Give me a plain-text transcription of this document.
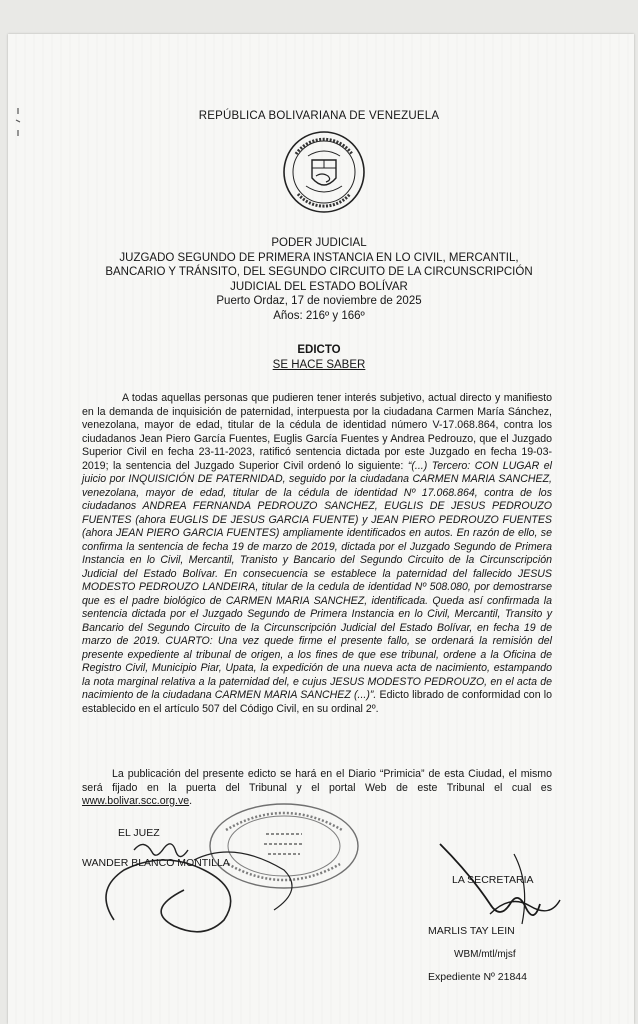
REPÚBLICA BOLIVARIANA DE VENEZUELA
PODER JUDICIAL
JUZGADO SEGUNDO DE PRIMERA INSTANCIA EN LO CIVIL, MERCANTIL,
BANCARIO Y TRÁNSITO, DEL SEGUNDO CIRCUITO DE LA CIRCUNSCRIPCIÓN
JUDICIAL DEL ESTADO BOLÍVAR
Puerto Ordaz, 17 de noviembre de 2025
Años: 216º y 166º
EDICTO
SE HACE SABER
A todas aquellas personas que pudieren tener interés subjetivo, actual directo y manifiesto en la demanda de inquisición de paternidad, interpuesta por la ciudadana Carmen María Sánchez, venezolana, mayor de edad, titular de la cédula de identidad número V-17.068.864, contra los ciudadanos Jean Piero García Fuentes, Euglis García Fuentes y Andrea Pedrouzo, que el Juzgado Superior Civil en fecha 23-11-2023, ratificó sentencia dictada por este Juzgado en fecha 19-03-2019; la sentencia del Juzgado Superior Civil ordenó lo siguiente: “(...) Tercero: CON LUGAR el juicio por INQUISICIÓN DE PATERNIDAD, seguido por la ciudadana CARMEN MARIA SANCHEZ, venezolana, mayor de edad, titular de la cédula de identidad Nº 17.068.864, contra de los ciudadanos ANDREA FERNANDA PEDROUZO SANCHEZ, EUGLIS DE JESUS PEDROUZO FUENTES (ahora EUGLIS DE JESUS GARCIA FUENTE) y JEAN PIERO PEDROUZO FUENTES (ahora JEAN PIERO GARCIA FUENTES) ampliamente identificados en autos. En razón de ello, se confirma la sentencia de fecha 19 de marzo de 2019, dictada por el Juzgado Segundo de Primera Instancia en lo Civil, Mercantil, Tranisto y Bancario del Segundo Circuito de la Circunscripción Judicial del Estado Bolívar. En consecuencia se establece la paternidad del fallecido JESUS MODESTO PEDROUZO LANDEIRA, titular de la cedula de identidad Nº 508.080, por demostrarse que es el padre biológico de CARMEN MARIA SANCHEZ, identificada. Queda así confirmada la sentencia dictada por el Juzgado Segundo de Primera Instancia en lo Civil, Mercantil, Transito y Bancario del Segundo Circuito de la Circunscripción Judicial del Estado Bolívar, en fecha 19 de marzo de 2019. CUARTO: Una vez quede firme el presente fallo, se ordenará la remisión del presente expediente al tribunal de origen, a los fines de que ese tribunal, ordene a la Oficina de Registro Civil, Municipio Piar, Upata, la expedición de una nueva acta de nacimiento, estampando la nota marginal relativa a la paternidad del, e cujus JESUS MODESTO PEDROUZO, en el acta de nacimiento de la ciudadana CARMEN MARIA SANCHEZ (...)”. Edicto librado de conformidad con lo establecido en el artículo 507 del Código Civil, en su ordinal 2º.
La publicación del presente edicto se hará en el Diario “Primicia” de esta Ciudad, el mismo será fijado en la puerta del Tribunal y el portal Web de este Tribunal el cual es www.bolivar.scc.org.ve.
EL JUEZ
WANDER BLANCO MONTILLA
LA SECRETARIA
MARLIS TAY LEIN
WBM/mtl/mjsf
Expediente Nº 21844
